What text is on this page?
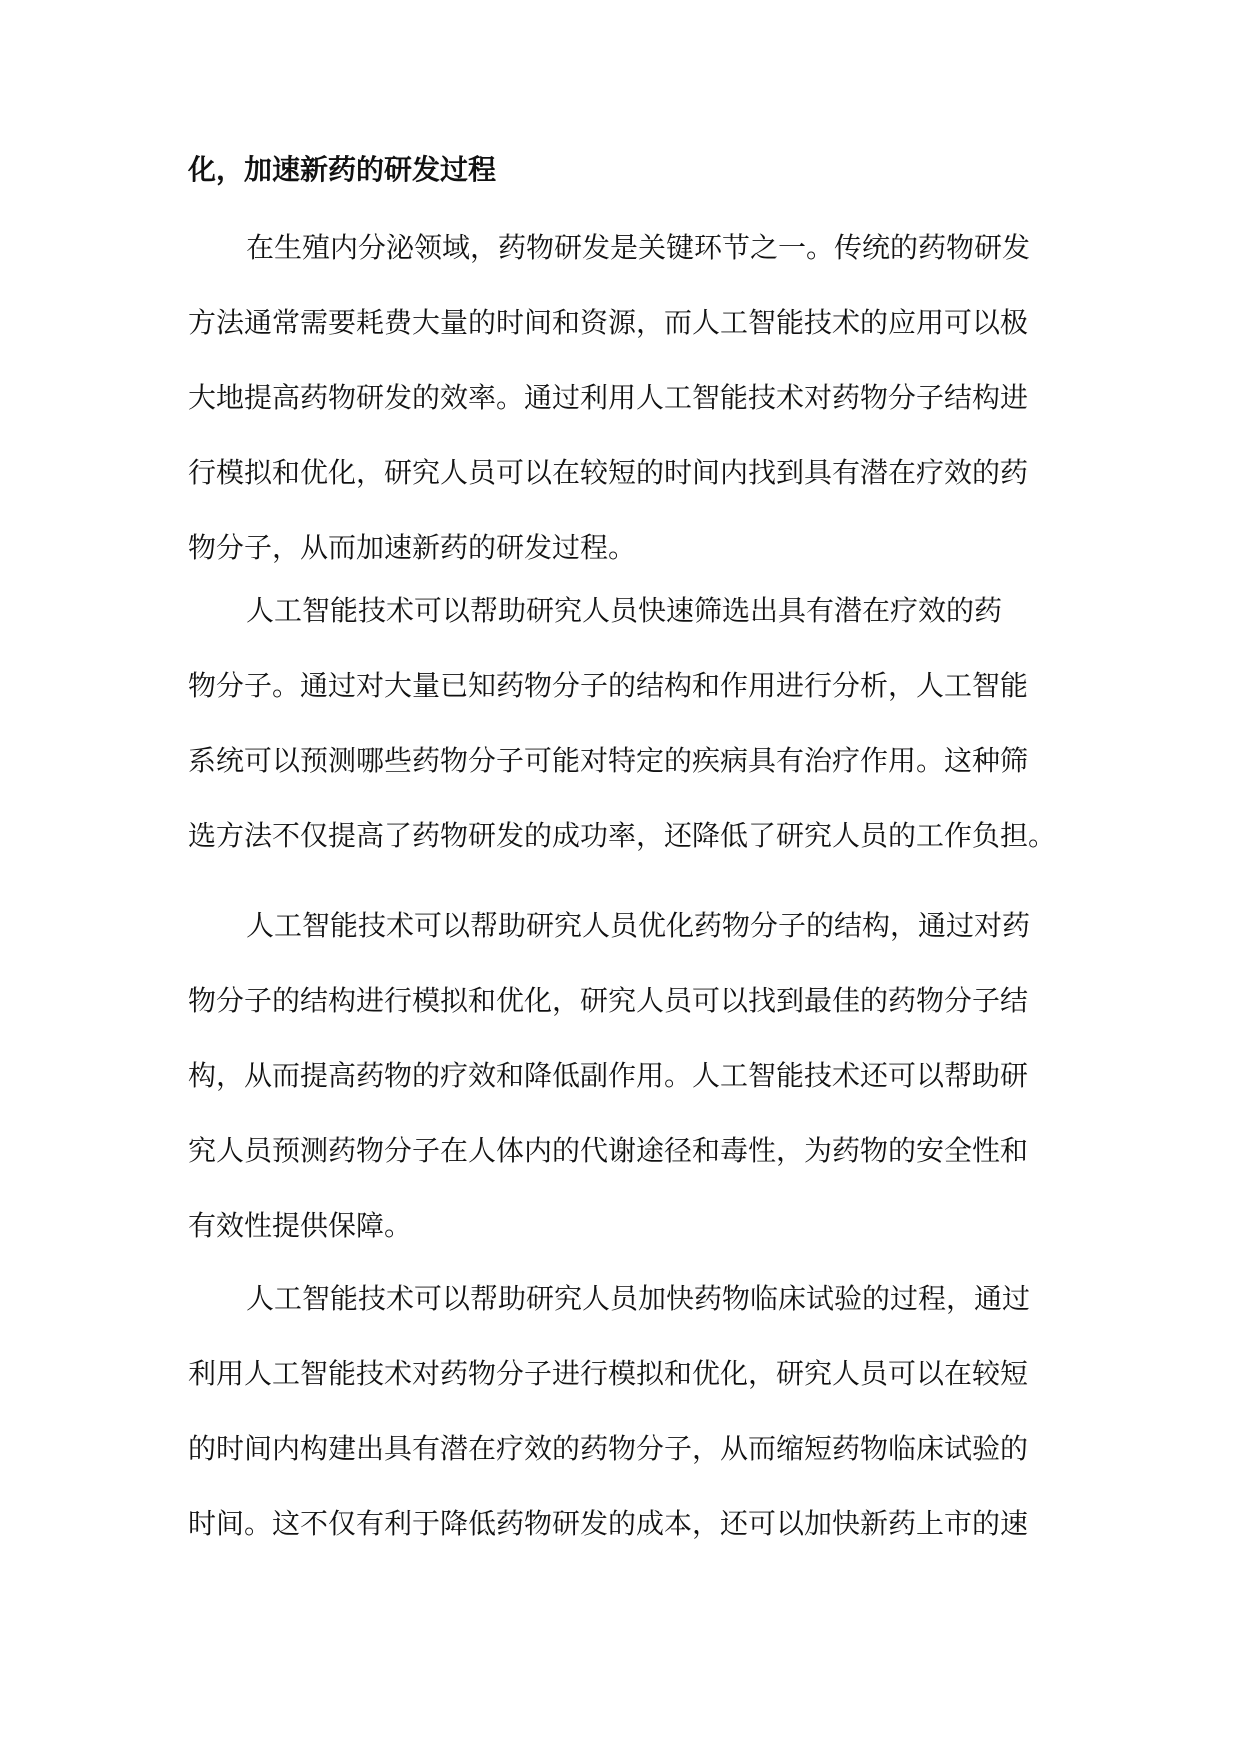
化，加速新药的研发过程
在生殖内分泌领域，药物研发是关键环节之一。传统的药物研发
方法通常需要耗费大量的时间和资源，而人工智能技术的应用可以极
大地提高药物研发的效率。通过利用人工智能技术对药物分子结构进
行模拟和优化，研究人员可以在较短的时间内找到具有潜在疗效的药
物分子，从而加速新药的研发过程。
人工智能技术可以帮助研究人员快速筛选出具有潜在疗效的药
物分子。通过对大量已知药物分子的结构和作用进行分析，人工智能
系统可以预测哪些药物分子可能对特定的疾病具有治疗作用。这种筛
选方法不仅提高了药物研发的成功率，还降低了研究人员的工作负担。
人工智能技术可以帮助研究人员优化药物分子的结构，通过对药
物分子的结构进行模拟和优化，研究人员可以找到最佳的药物分子结
构，从而提高药物的疗效和降低副作用。人工智能技术还可以帮助研
究人员预测药物分子在人体内的代谢途径和毒性，为药物的安全性和
有效性提供保障。
人工智能技术可以帮助研究人员加快药物临床试验的过程，通过
利用人工智能技术对药物分子进行模拟和优化，研究人员可以在较短
的时间内构建出具有潜在疗效的药物分子，从而缩短药物临床试验的
时间。这不仅有利于降低药物研发的成本，还可以加快新药上市的速
